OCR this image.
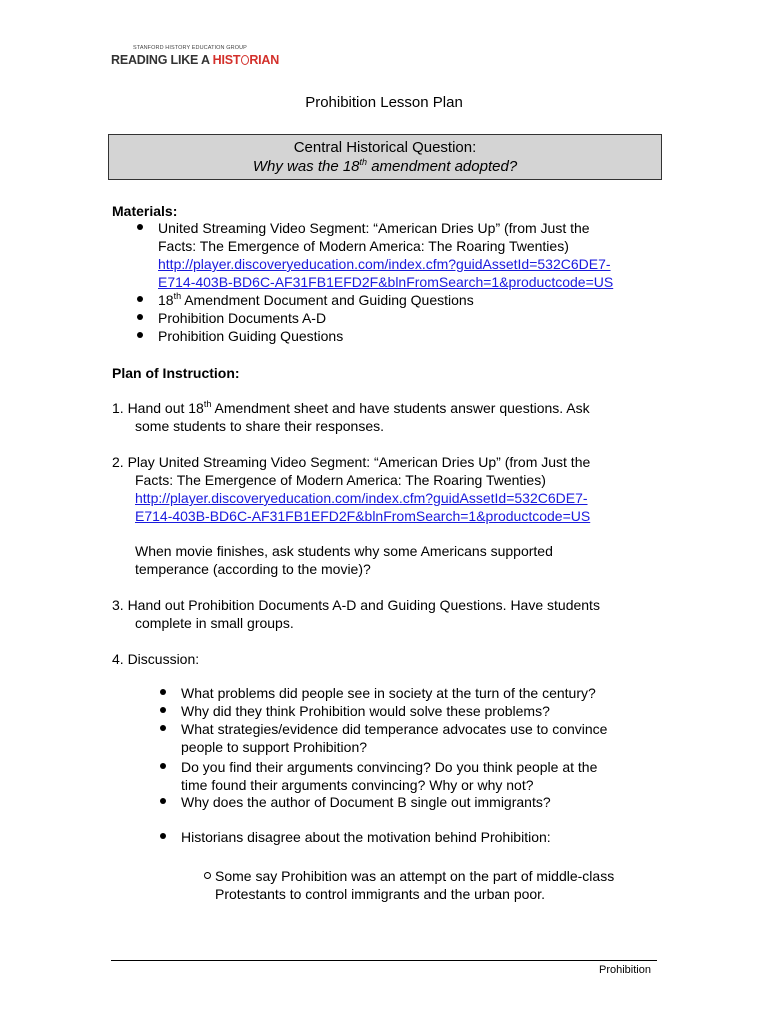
STANFORD HISTORY EDUCATION GROUP
READING LIKE A HIST RIAN
Prohibition Lesson Plan
Central Historical Question:
Why was the 18th amendment adopted?
Materials:
United Streaming Video Segment: “American Dries Up” (from Just the
Facts: The Emergence of Modern America: The Roaring Twenties)
http://player.discoveryeducation.com/index.cfm?guidAssetId=532C6DE7-
E714-403B-BD6C-AF31FB1EFD2F&blnFromSearch=1&productcode=US
18th Amendment Document and Guiding Questions
Prohibition Documents A-D
Prohibition Guiding Questions
Plan of Instruction:
1. Hand out 18th Amendment sheet and have students answer questions. Ask
some students to share their responses.
2. Play United Streaming Video Segment: “American Dries Up” (from Just the
Facts: The Emergence of Modern America: The Roaring Twenties)
http://player.discoveryeducation.com/index.cfm?guidAssetId=532C6DE7-
E714-403B-BD6C-AF31FB1EFD2F&blnFromSearch=1&productcode=US
When movie finishes, ask students why some Americans supported
temperance (according to the movie)?
3. Hand out Prohibition Documents A-D and Guiding Questions. Have students
complete in small groups.
4. Discussion:
What problems did people see in society at the turn of the century?
Why did they think Prohibition would solve these problems?
What strategies/evidence did temperance advocates use to convince
people to support Prohibition?
Do you find their arguments convincing? Do you think people at the
time found their arguments convincing? Why or why not?
Why does the author of Document B single out immigrants?
Historians disagree about the motivation behind Prohibition:
Some say Prohibition was an attempt on the part of middle-class
Protestants to control immigrants and the urban poor.
Prohibition
